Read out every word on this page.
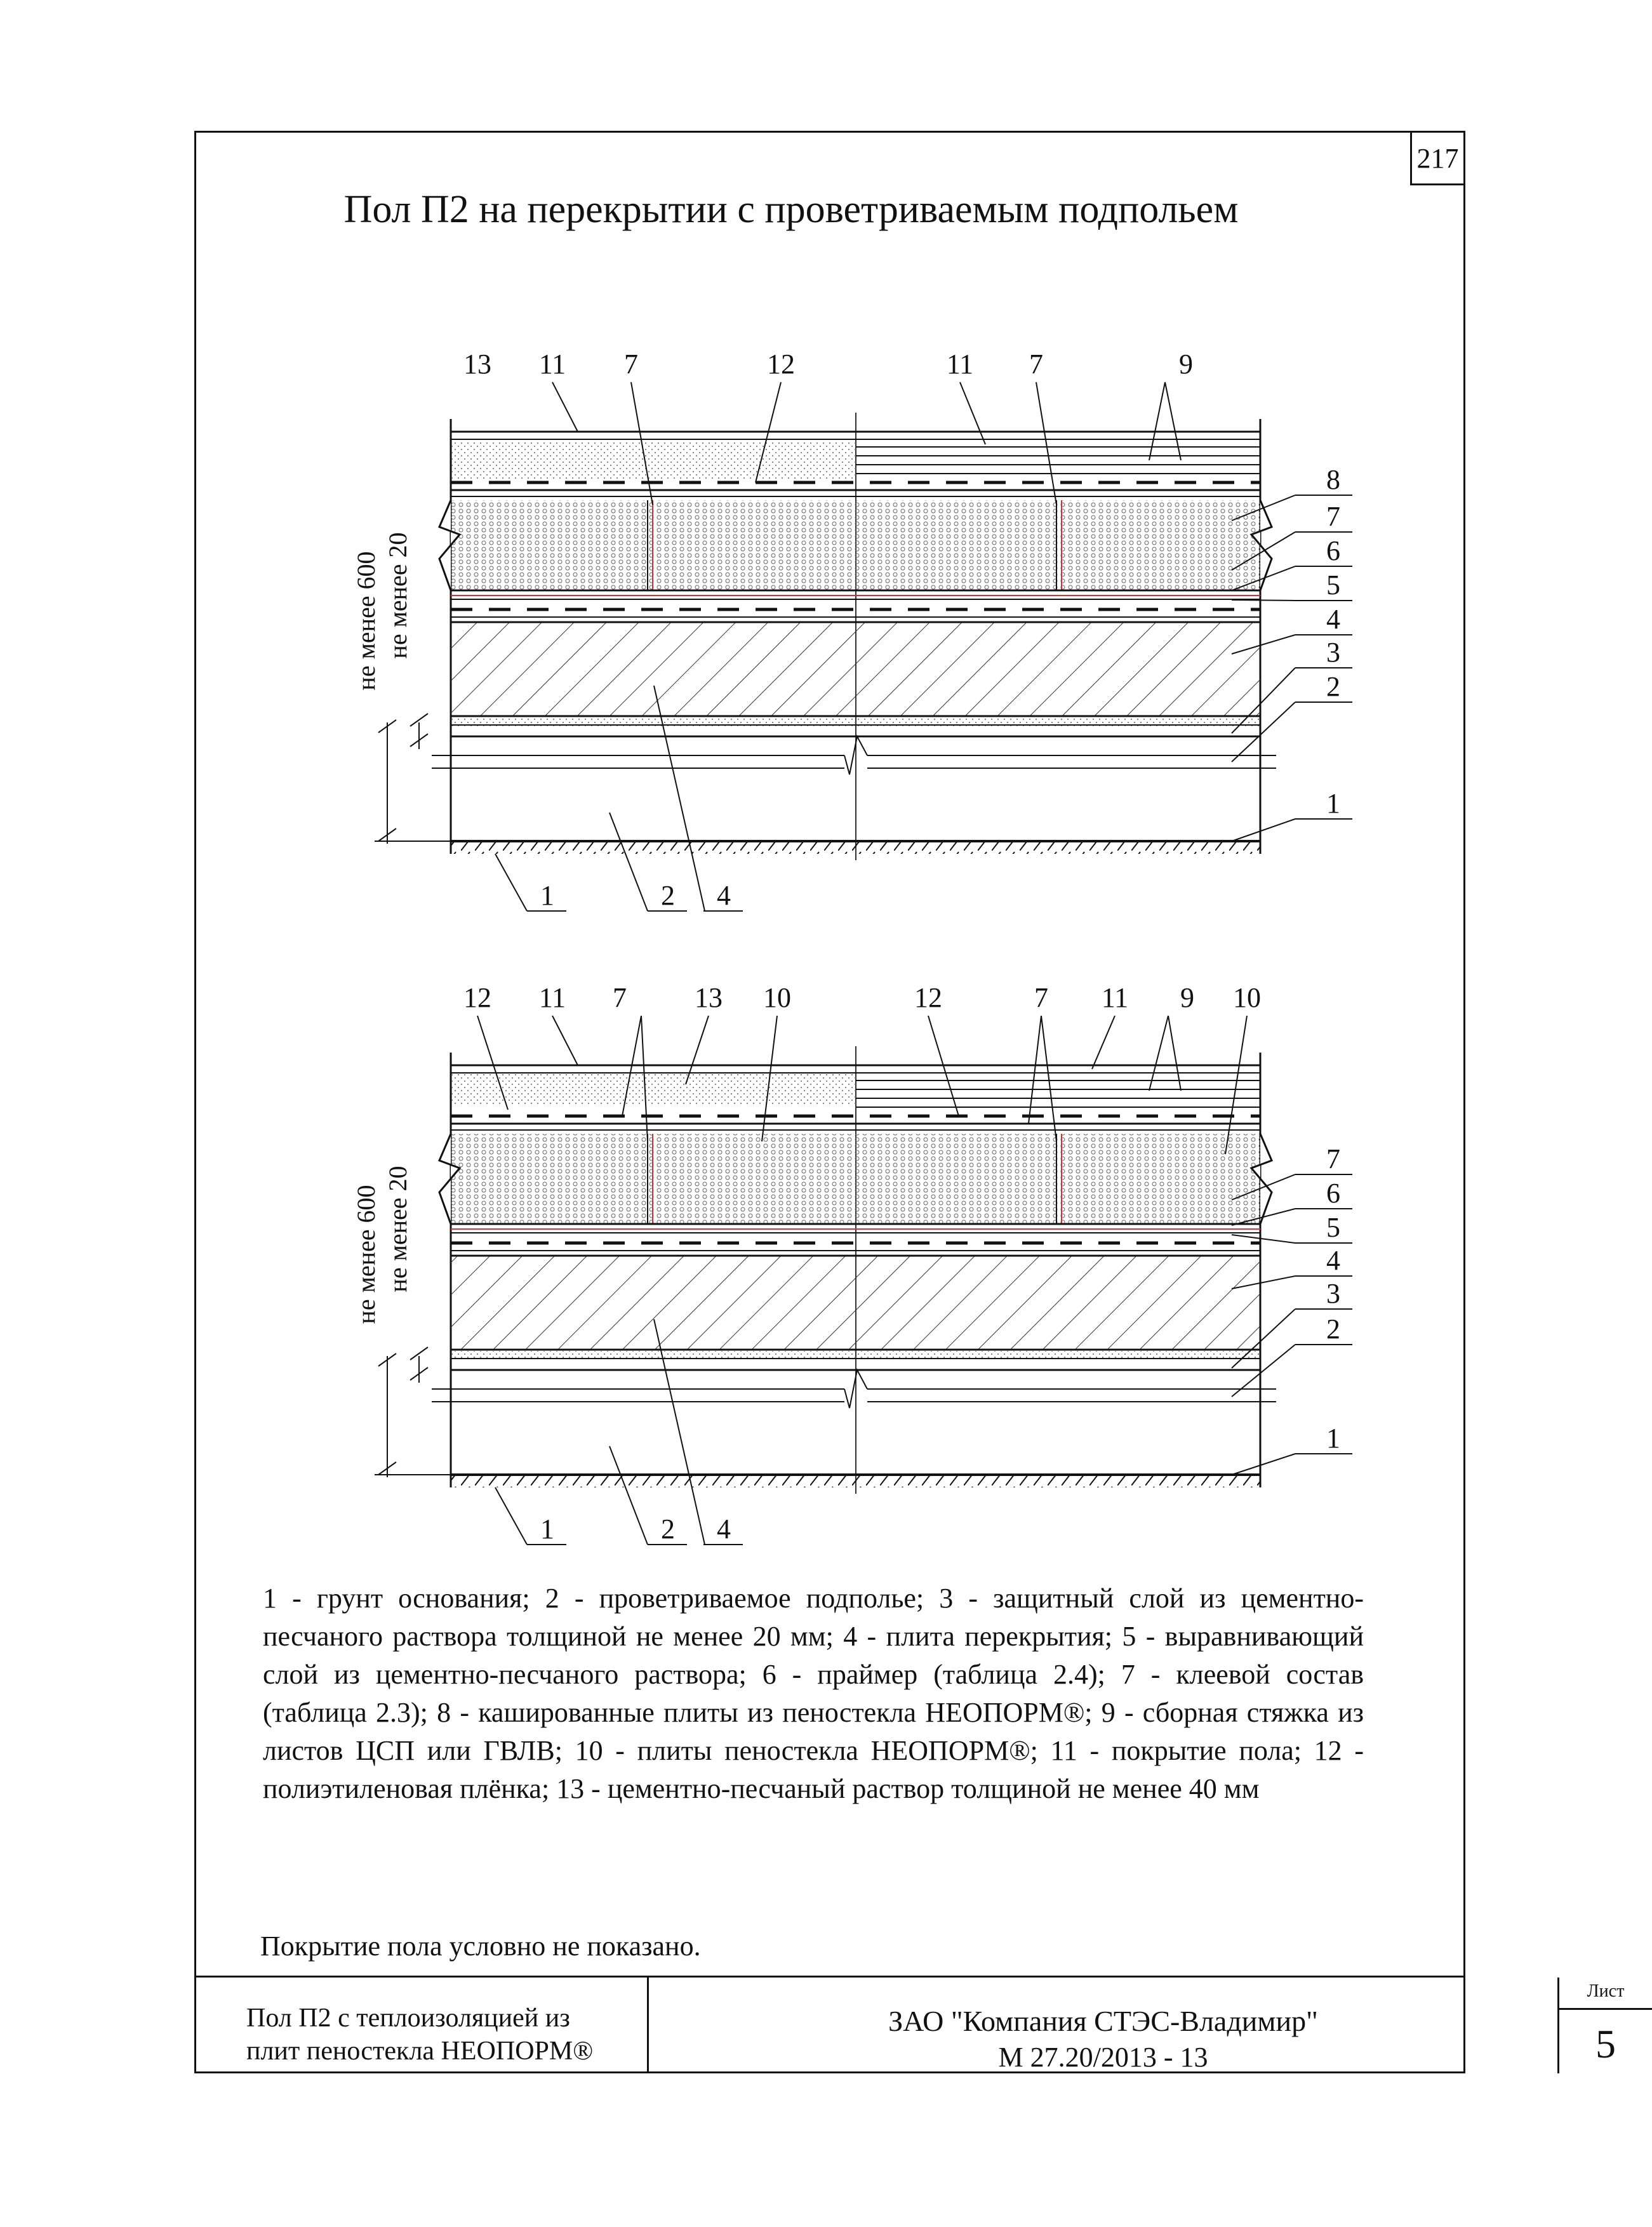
217
Пол П2 на перекрытии с проветриваемым подпольем
не менее 600 не менее 20
13 11 7	12	11 7	9
8
7
6
5
4
3
2
1
1	2 4
не менее 600 не менее 20
12 11 7 13 10	12	7 11 9 10
7
6
5
4
3
2
1
1	2 4
1 - грунт основания; 2 - проветриваемое подполье; 3 - защитный слой из цементно-песчаного раствора толщиной не менее 20 мм; 4 - плита перекрытия; 5 - выравнивающий слой из цементно-песчаного раствора; 6 - праймер (таблица 2.4); 7 - клеевой состав (таблица 2.3); 8 - кашированные плиты из пеностекла НЕОПОРМ®; 9 - сборная стяжка из листов ЦСП или ГВЛВ; 10 - плиты пеностекла НЕОПОРМ®; 11 - покрытие пола; 12 - полиэтиленовая плёнка; 13 - цементно-песчаный раствор толщиной не менее 40 мм
Покрытие пола условно не показано.
Пол П2 с теплоизоляцией из
плит пеностекла НЕОПОРМ®
ЗАО "Компания СТЭС-Владимир"
М 27.20/2013 - 13
Лист
5
